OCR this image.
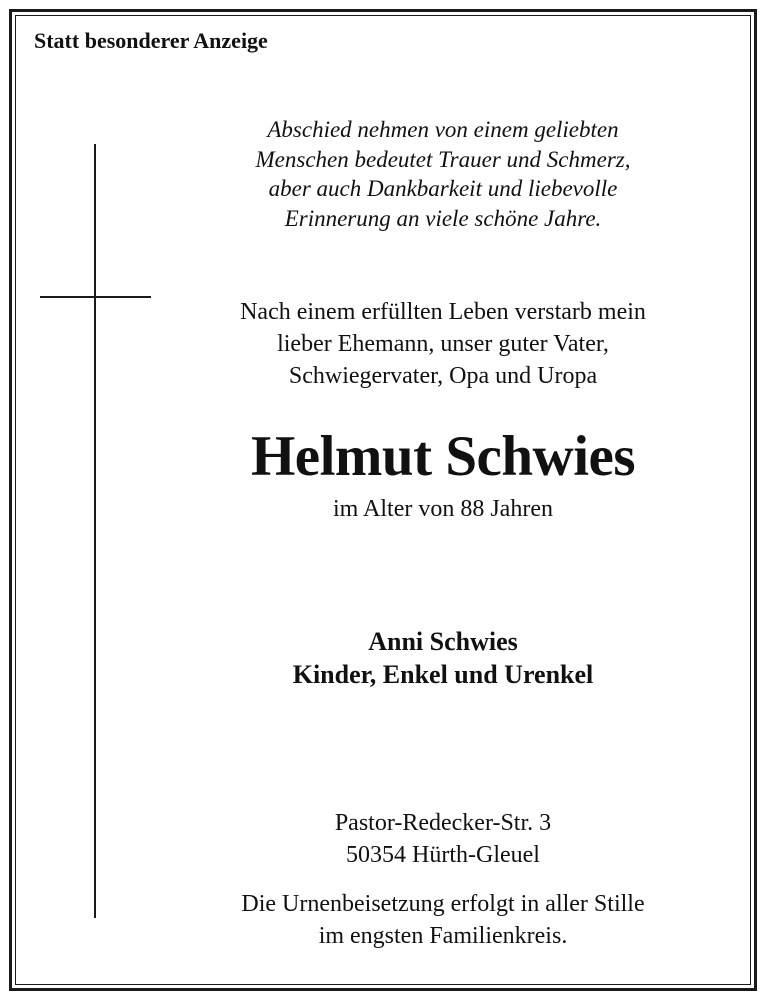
Statt besonderer Anzeige
Abschied nehmen von einem geliebten
Menschen bedeutet Trauer und Schmerz,
aber auch Dankbarkeit und liebevolle
Erinnerung an viele schöne Jahre.
Nach einem erfüllten Leben verstarb mein
lieber Ehemann, unser guter Vater,
Schwiegervater, Opa und Uropa
Helmut Schwies
im Alter von 88 Jahren
Anni Schwies
Kinder, Enkel und Urenkel
Pastor-Redecker-Str. 3
50354 Hürth-Gleuel
Die Urnenbeisetzung erfolgt in aller Stille
im engsten Familienkreis.
